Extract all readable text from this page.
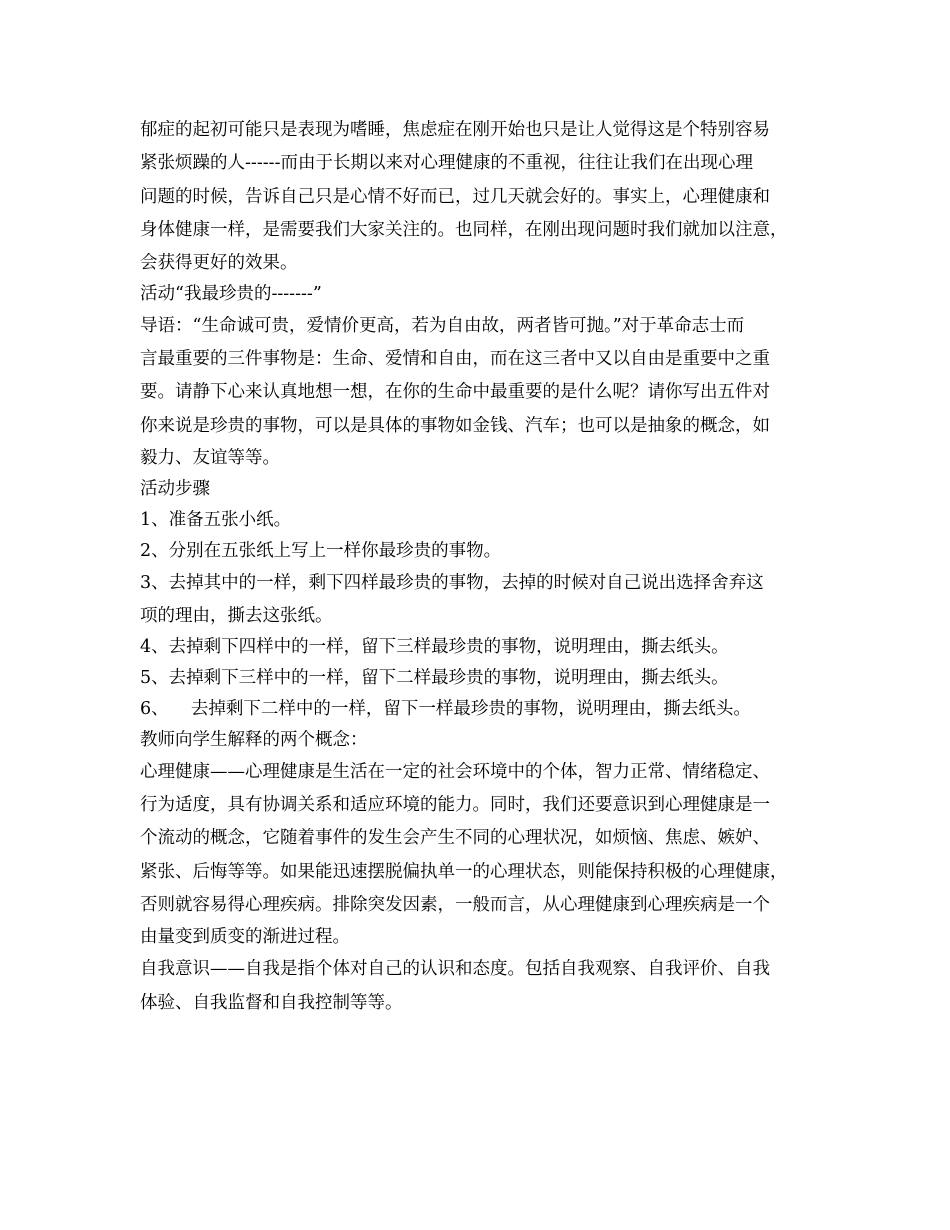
郁症的起初可能只是表现为嗜睡，焦虑症在刚开始也只是让人觉得这是个特别容易
紧张烦躁的人------而由于长期以来对心理健康的不重视，往往让我们在出现心理
问题的时候，告诉自己只是心情不好而已，过几天就会好的。事实上，心理健康和
身体健康一样，是需要我们大家关注的。也同样，在刚出现问题时我们就加以注意，
会获得更好的效果。
活动“我最珍贵的-------”
导语：“生命诚可贵，爱情价更高，若为自由故，两者皆可抛。”对于革命志士而
言最重要的三件事物是：生命、爱情和自由，而在这三者中又以自由是重要中之重
要。请静下心来认真地想一想，在你的生命中最重要的是什么呢？请你写出五件对
你来说是珍贵的事物，可以是具体的事物如金钱、汽车；也可以是抽象的概念，如
毅力、友谊等等。
活动步骤
1、准备五张小纸。
2、分别在五张纸上写上一样你最珍贵的事物。
3、去掉其中的一样，剩下四样最珍贵的事物，去掉的时候对自己说出选择舍弃这
项的理由，撕去这张纸。
4、去掉剩下四样中的一样，留下三样最珍贵的事物，说明理由，撕去纸头。
5、去掉剩下三样中的一样，留下二样最珍贵的事物，说明理由，撕去纸头。
6、    去掉剩下二样中的一样，留下一样最珍贵的事物，说明理由，撕去纸头。
教师向学生解释的两个概念：
心理健康——心理健康是生活在一定的社会环境中的个体，智力正常、情绪稳定、
行为适度，具有协调关系和适应环境的能力。同时，我们还要意识到心理健康是一
个流动的概念，它随着事件的发生会产生不同的心理状况，如烦恼、焦虑、嫉妒、
紧张、后悔等等。如果能迅速摆脱偏执单一的心理状态，则能保持积极的心理健康，
否则就容易得心理疾病。排除突发因素，一般而言，从心理健康到心理疾病是一个
由量变到质变的渐进过程。
自我意识——自我是指个体对自己的认识和态度。包括自我观察、自我评价、自我
体验、自我监督和自我控制等等。
